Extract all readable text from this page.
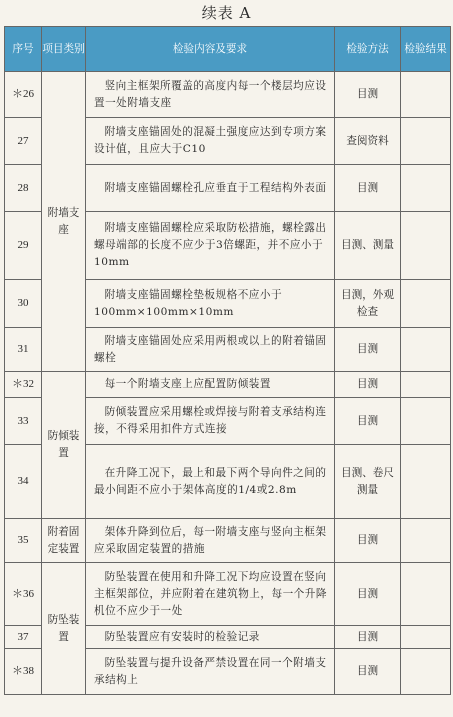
续表 A
序号	项目类别	检验内容及要求	检验方法	检验结果

＊26	附墙支座	竖向主框架所覆盖的高度内每一个楼层均应设置一处附墙支座	目测	
27		附墙支座锚固处的混凝土强度应达到专项方案设计值，且应大于C10	查阅资料	
28		附墙支座锚固螺栓孔应垂直于工程结构外表面	目测	
29		附墙支座锚固螺栓应采取防松措施，螺栓露出螺母端部的长度不应少于3倍螺距，并不应小于10mm	目测、测量	
30		附墙支座锚固螺栓垫板规格不应小于100mm×100mm×10mm	目测，外观检查	
31		附墙支座锚固处应采用两根或以上的附着锚固螺栓	目测	
＊32	防倾装置	每一个附墙支座上应配置防倾装置	目测	
33		防倾装置应采用螺栓或焊接与附着支承结构连接，不得采用扣件方式连接	目测	
34		在升降工况下，最上和最下两个导向件之间的最小间距不应小于架体高度的1/4或2.8m	目测、卷尺测量	
35	附着固定装置	架体升降到位后，每一附墙支座与竖向主框架应采取固定装置的措施	目测	
＊36	防坠装置	防坠装置在使用和升降工况下均应设置在竖向主框架部位，并应附着在建筑物上，每一个升降机位不应少于一处	目测	
37		防坠装置应有安装时的检验记录	目测	
＊38		防坠装置与提升设备严禁设置在同一个附墙支承结构上	目测	
